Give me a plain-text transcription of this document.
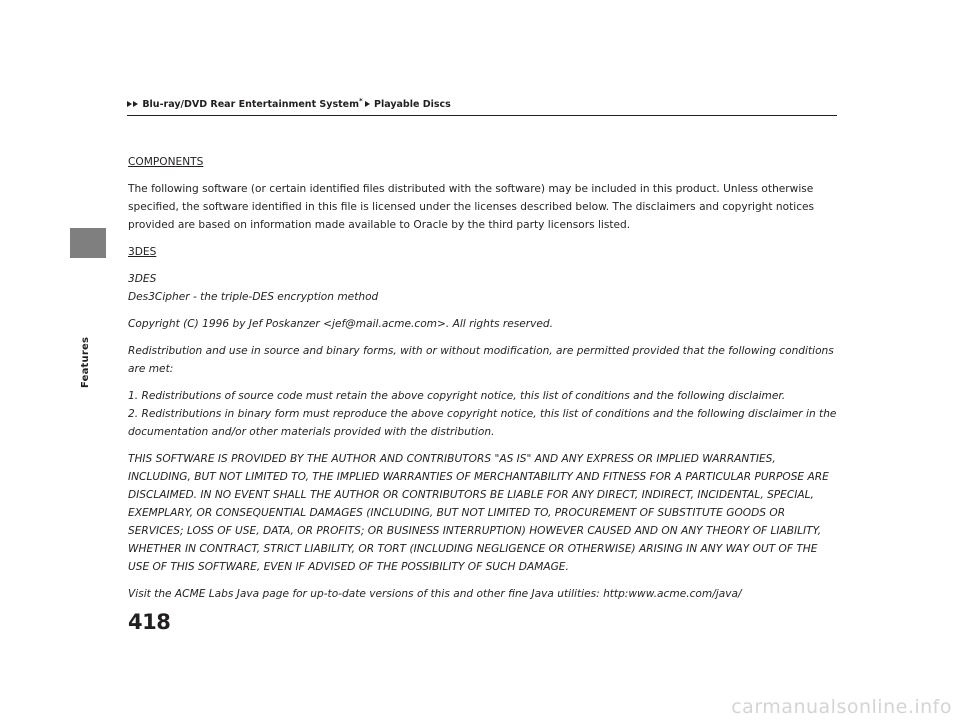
Features
Blu-ray/DVD Rear Entertainment System* Playable Discs

COMPONENTS

The following software (or certain identified files distributed with the software) may be included in this product. Unless otherwise specified, the software identified in this file is licensed under the licenses described below. The disclaimers and copyright notices provided are based on information made available to Oracle by the third party licensors listed.

3DES

3DES
Des3Cipher - the triple-DES encryption method

Copyright (C) 1996 by Jef Poskanzer <jef@mail.acme.com>. All rights reserved.

Redistribution and use in source and binary forms, with or without modification, are permitted provided that the following conditions are met:

1. Redistributions of source code must retain the above copyright notice, this list of conditions and the following disclaimer.
2. Redistributions in binary form must reproduce the above copyright notice, this list of conditions and the following disclaimer in the documentation and/or other materials provided with the distribution.

THIS SOFTWARE IS PROVIDED BY THE AUTHOR AND CONTRIBUTORS "AS IS" AND ANY EXPRESS OR IMPLIED WARRANTIES, INCLUDING, BUT NOT LIMITED TO, THE IMPLIED WARRANTIES OF MERCHANTABILITY AND FITNESS FOR A PARTICULAR PURPOSE ARE DISCLAIMED. IN NO EVENT SHALL THE AUTHOR OR CONTRIBUTORS BE LIABLE FOR ANY DIRECT, INDIRECT, INCIDENTAL, SPECIAL, EXEMPLARY, OR CONSEQUENTIAL DAMAGES (INCLUDING, BUT NOT LIMITED TO, PROCUREMENT OF SUBSTITUTE GOODS OR SERVICES; LOSS OF USE, DATA, OR PROFITS; OR BUSINESS INTERRUPTION) HOWEVER CAUSED AND ON ANY THEORY OF LIABILITY, WHETHER IN CONTRACT, STRICT LIABILITY, OR TORT (INCLUDING NEGLIGENCE OR OTHERWISE) ARISING IN ANY WAY OUT OF THE USE OF THIS SOFTWARE, EVEN IF ADVISED OF THE POSSIBILITY OF SUCH DAMAGE.

Visit the ACME Labs Java page for up-to-date versions of this and other fine Java utilities: http:www.acme.com/java/

418
carmanualsonline.info
